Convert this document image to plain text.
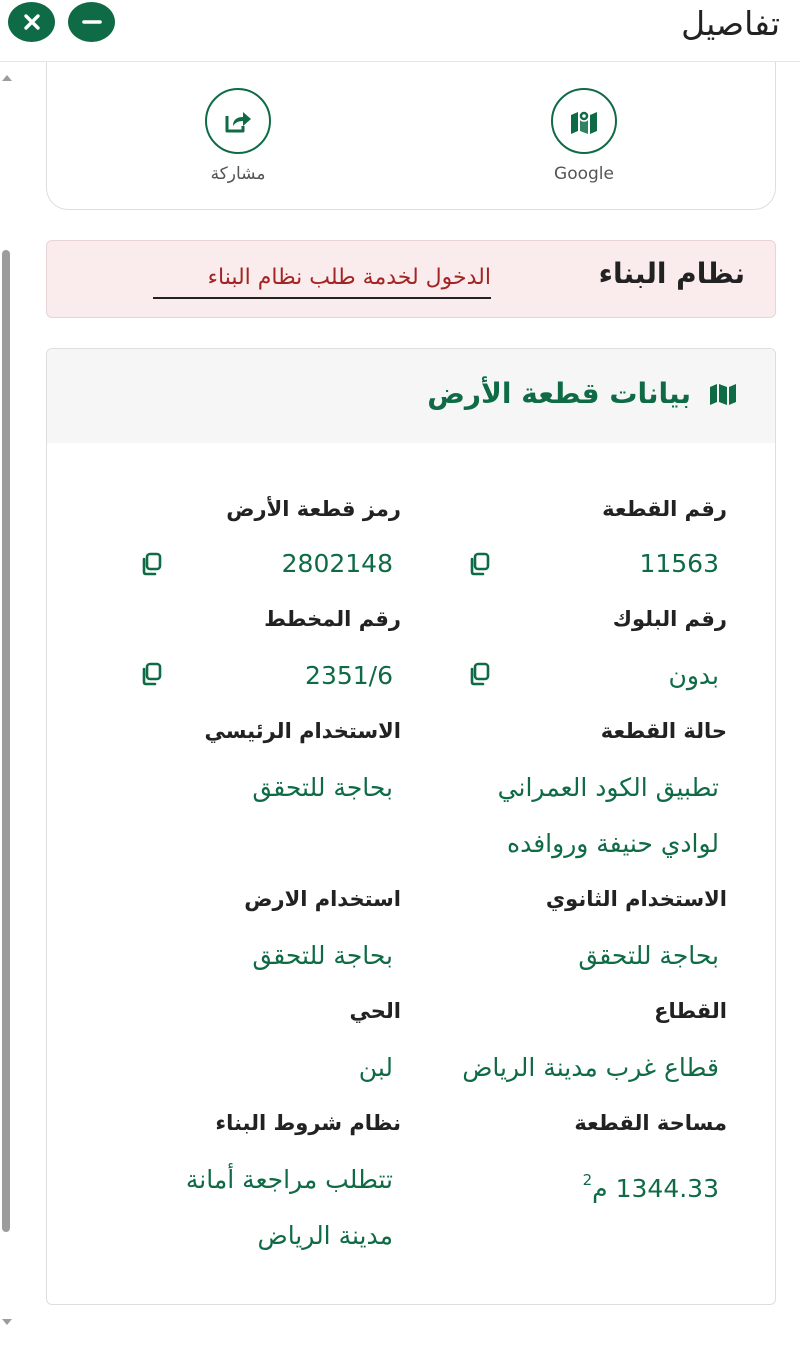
تفاصيل
Google
مشاركة
نظام البناء
الدخول لخدمة طلب نظام البناء
بيانات قطعة الأرض
رقم القطعة
11563
رمز قطعة الأرض
2802148
رقم البلوك
بدون
رقم المخطط
2351/6
حالة القطعة
تطبيق الكود العمراني
لوادي حنيفة وروافده
الاستخدام الرئيسي
بحاجة للتحقق
الاستخدام الثانوي
بحاجة للتحقق
استخدام الارض
بحاجة للتحقق
القطاع
قطاع غرب مدينة الرياض
الحي
لبن
مساحة القطعة
1344.33 م$^2$
نظام شروط البناء
تتطلب مراجعة أمانة
مدينة الرياض
